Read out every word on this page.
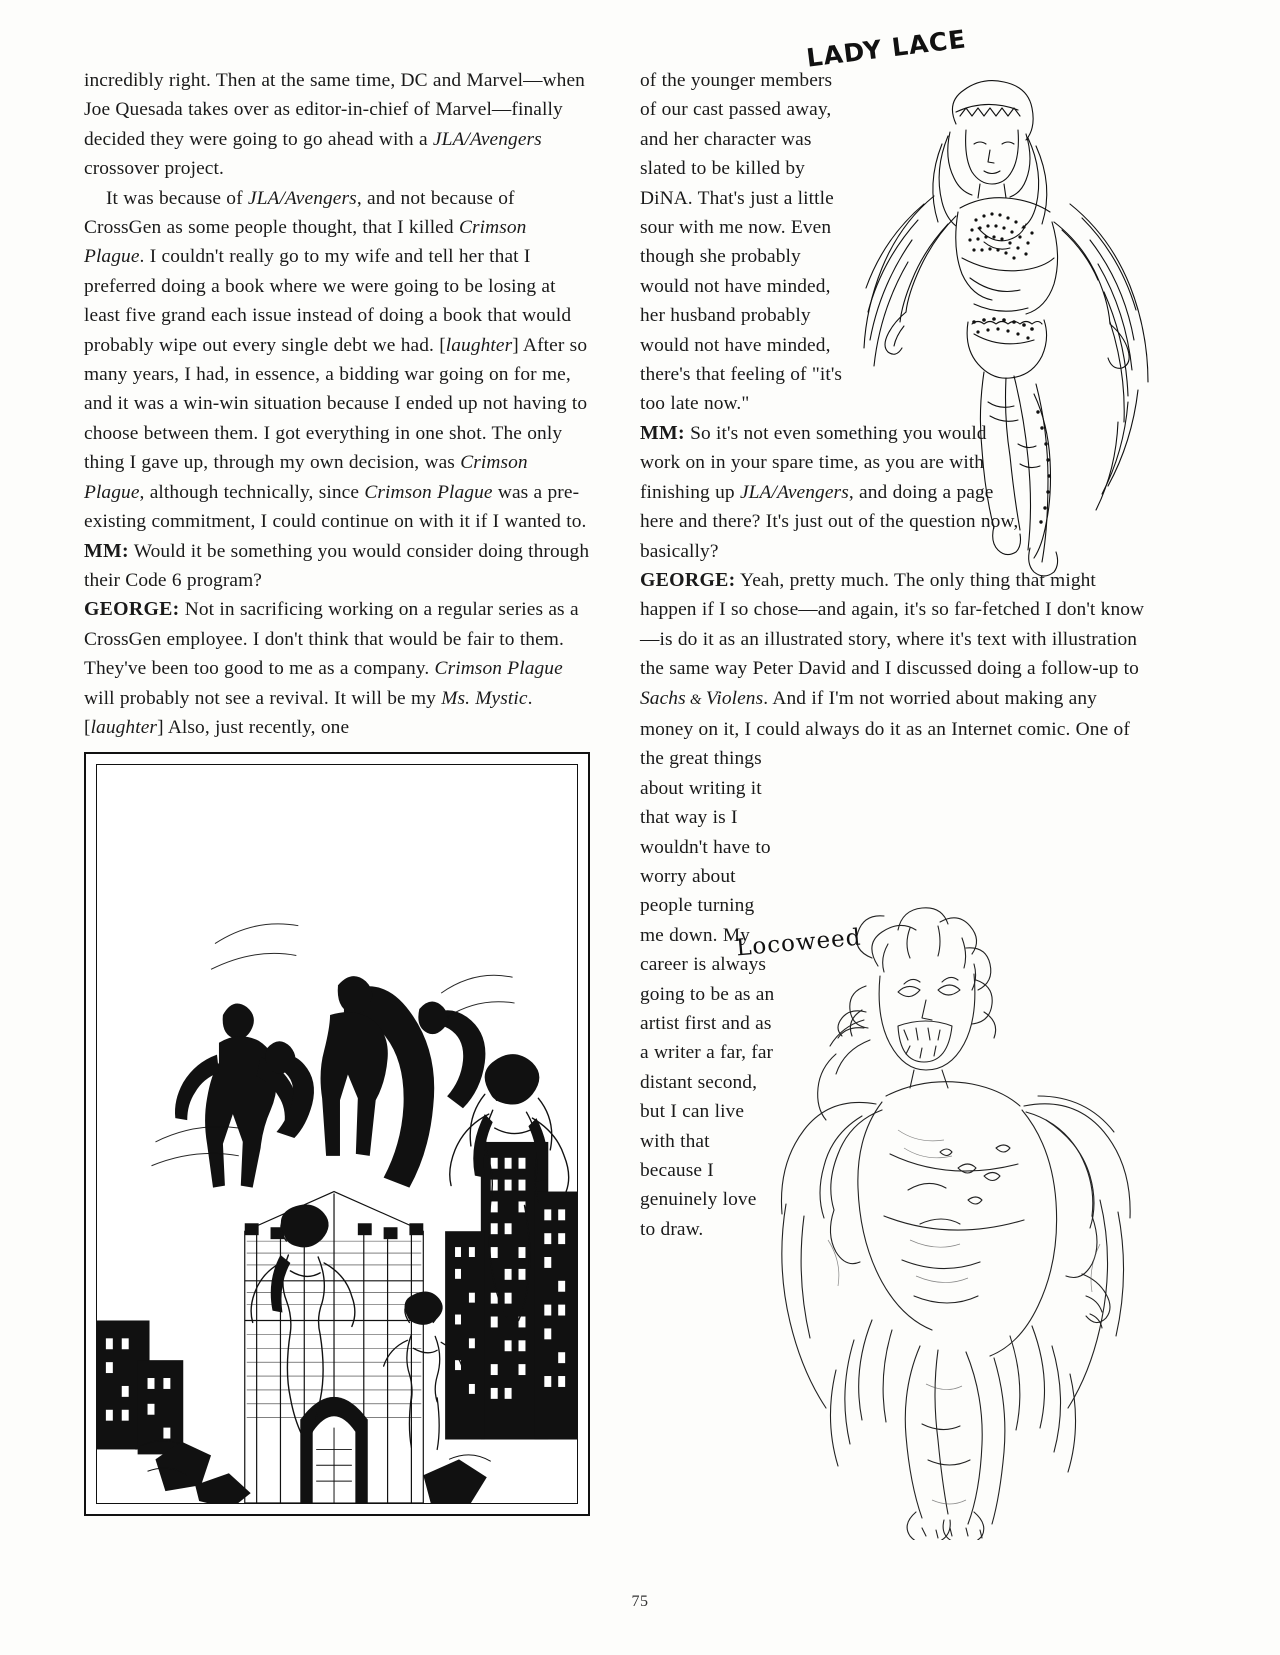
incredibly right. Then at the same time, DC and Marvel—when Joe Quesada takes over as editor-in-chief of Marvel—finally decided they were going to go ahead with a JLA/Avengers crossover project.

It was because of JLA/Avengers, and not because of CrossGen as some people thought, that I killed Crimson Plague. I couldn't really go to my wife and tell her that I preferred doing a book where we were going to be losing at least five grand each issue instead of doing a book that would probably wipe out every single debt we had. [laughter] After so many years, I had, in essence, a bidding war going on for me, and it was a win-win situation because I ended up not having to choose between them. I got everything in one shot. The only thing I gave up, through my own decision, was Crimson Plague, although technically, since Crimson Plague was a pre-existing commitment, I could continue on with it if I wanted to.

MM: Would it be something you would consider doing through their Code 6 program?

GEORGE: Not in sacrificing working on a regular series as a CrossGen employee. I don't think that would be fair to them. They've been too good to me as a company. Crimson Plague will probably not see a revival. It will be my Ms. Mystic. [laughter] Also, just recently, one

of the younger members of our cast passed away, and her character was slated to be killed by DiNA. That's just a little sour with me now. Even though she probably would not have minded, her husband probably would not have minded, there's that feeling of "it's too late now."

MM: So it's not even something you would work on in your spare time, as you are with finishing up JLA/Avengers, and doing a page here and there? It's just out of the question now, basically?

GEORGE: Yeah, pretty much. The only thing that might happen if I so chose—and again, it's so far-fetched I don't know—is do it as an illustrated story, where it's text with illustration the same way Peter David and I discussed doing a follow-up to Sachs & Violens. And if I'm not worried about making any money on it, I could always do it as an Internet comic. One of

the great things about writing it that way is I wouldn't have to worry about people turning me down. My career is always going to be as an artist first and as a writer a far, far distant second, but I can live with that because I genuinely love to draw.

LADY LACE
Locoweed
75
